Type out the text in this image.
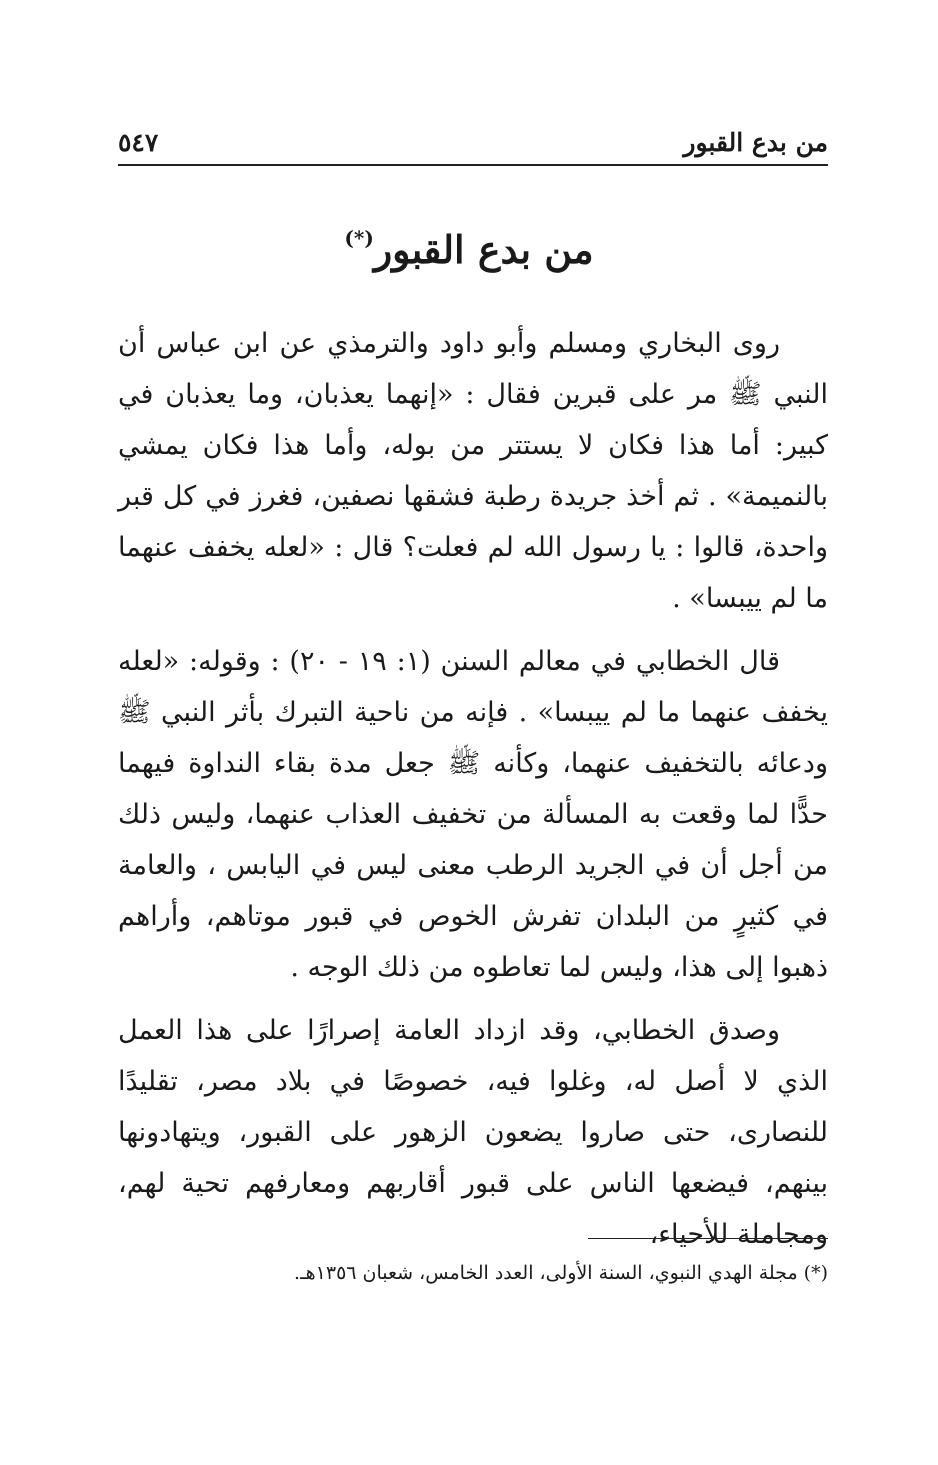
من بدع القبور
٥٤٧
من بدع القبور(*)

روى البخاري ومسلم وأبو داود والترمذي عن ابن عباس أن النبي ﷺ مر على قبرين فقال : «إنهما يعذبان، وما يعذبان في كبير: أما هذا فكان لا يستتر من بوله، وأما هذا فكان يمشي بالنميمة» . ثم أخذ جريدة رطبة فشقها نصفين، فغرز في كل قبر واحدة، قالوا : يا رسول الله لم فعلت؟ قال : «لعله يخفف عنهما ما لم ييبسا» .

قال الخطابي في معالم السنن (١: ١٩ - ٢٠) : وقوله: «لعله يخفف عنهما ما لم ييبسا» . فإنه من ناحية التبرك بأثر النبي ﷺ ودعائه بالتخفيف عنهما، وكأنه ﷺ جعل مدة بقاء النداوة فيهما حدًّا لما وقعت به المسألة من تخفيف العذاب عنهما، وليس ذلك من أجل أن في الجريد الرطب معنى ليس في اليابس ، والعامة في كثيرٍ من البلدان تفرش الخوص في قبور موتاهم، وأراهم ذهبوا إلى هذا، وليس لما تعاطوه من ذلك الوجه .

وصدق الخطابي، وقد ازداد العامة إصرارًا على هذا العمل الذي لا أصل له، وغلوا فيه، خصوصًا في بلاد مصر، تقليدًا للنصارى، حتى صاروا يضعون الزهور على القبور، ويتهادونها بينهم، فيضعها الناس على قبور أقاربهم ومعارفهم تحية لهم، ومجاملة للأحياء،

(*) مجلة الهدي النبوي، السنة الأولى، العدد الخامس، شعبان ١٣٥٦هـ.
